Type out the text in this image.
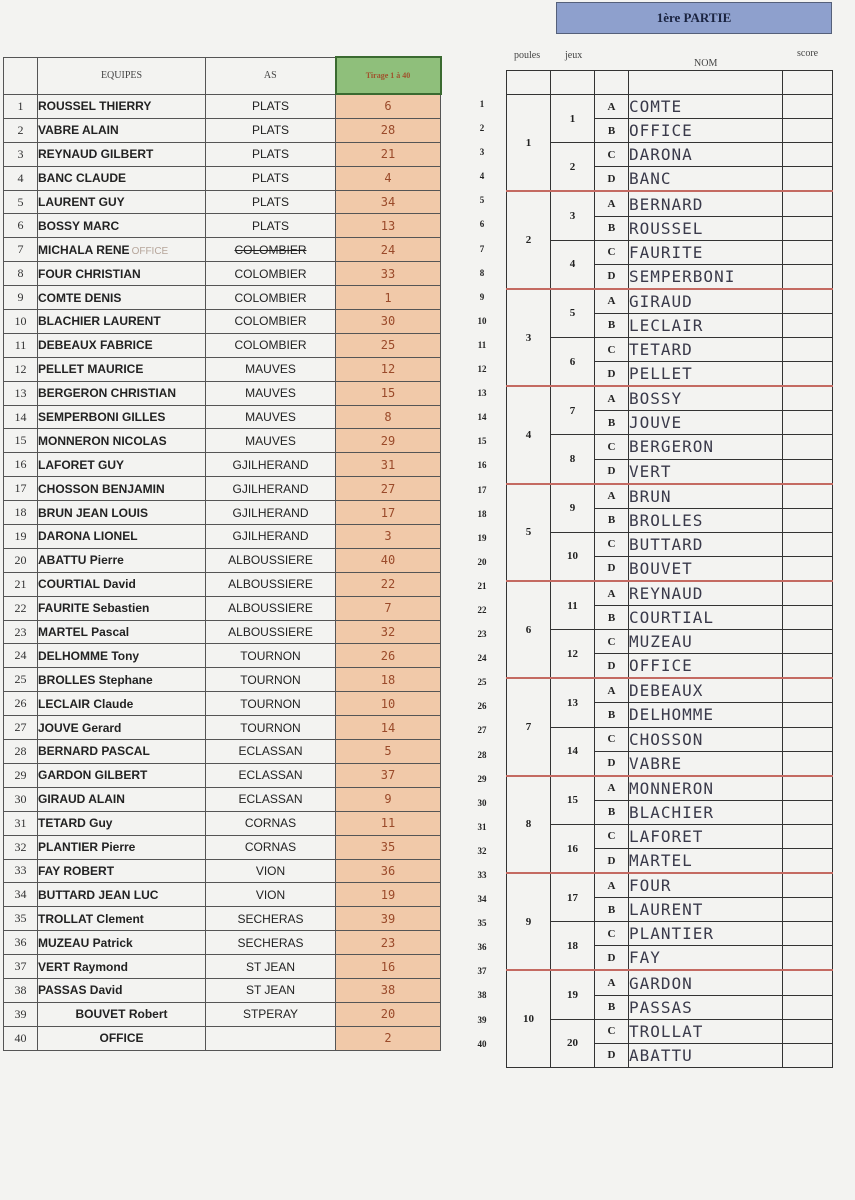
1ère PARTIE
	EQUIPES	AS	Tirage 1 à 40
1	ROUSSEL THIERRY	PLATS	6
2	VABRE ALAIN	PLATS	28
3	REYNAUD GILBERT	PLATS	21
4	BANC CLAUDE	PLATS	4
5	LAURENT GUY	PLATS	34
6	BOSSY MARC	PLATS	13
7	MICHALA RENE OFFICE	COLOMBIER	24
8	FOUR CHRISTIAN	COLOMBIER	33
9	COMTE DENIS	COLOMBIER	1
10	BLACHIER LAURENT	COLOMBIER	30
11	DEBEAUX FABRICE	COLOMBIER	25
12	PELLET MAURICE	MAUVES	12
13	BERGERON CHRISTIAN	MAUVES	15
14	SEMPERBONI GILLES	MAUVES	8
15	MONNERON NICOLAS	MAUVES	29
16	LAFORET GUY	GJILHERAND	31
17	CHOSSON BENJAMIN	GJILHERAND	27
18	BRUN JEAN LOUIS	GJILHERAND	17
19	DARONA LIONEL	GJILHERAND	3
20	ABATTU Pierre	ALBOUSSIERE	40
21	COURTIAL David	ALBOUSSIERE	22
22	FAURITE Sebastien	ALBOUSSIERE	7
23	MARTEL Pascal	ALBOUSSIERE	32
24	DELHOMME Tony	TOURNON	26
25	BROLLES Stephane	TOURNON	18
26	LECLAIR Claude	TOURNON	10
27	JOUVE Gerard	TOURNON	14
28	BERNARD PASCAL	ECLASSAN	5
29	GARDON GILBERT	ECLASSAN	37
30	GIRAUD ALAIN	ECLASSAN	9
31	TETARD Guy	CORNAS	11
32	PLANTIER Pierre	CORNAS	35
33	FAY ROBERT	VION	36
34	BUTTARD JEAN LUC	VION	19
35	TROLLAT Clement	SECHERAS	39
36	MUZEAU Patrick	SECHERAS	23
37	VERT Raymond	ST JEAN	16
38	PASSAS David	ST JEAN	38
39	BOUVET Robert	STPERAY	20
40	OFFICE		2
poules jeux
NOM
score
1
2
3
4
5
6
7
8
9
10
11
12
13
14
15
16
17
18
19
20
21
22
23
24
25
26
27
28
29
30
31
32
33
34
35
36
37
38
39
40

1	1	A	COMTE	
		B	OFFICE	
	2	C	DARONA	
		D	BANC	
2	3	A	BERNARD	
		B	ROUSSEL	
	4	C	FAURITE	
		D	SEMPERBONI	
3	5	A	GIRAUD	
		B	LECLAIR	
	6	C	TETARD	
		D	PELLET	
4	7	A	BOSSY	
		B	JOUVE	
	8	C	BERGERON	
		D	VERT	
5	9	A	BRUN	
		B	BROLLES	
	10	C	BUTTARD	
		D	BOUVET	
6	11	A	REYNAUD	
		B	COURTIAL	
	12	C	MUZEAU	
		D	OFFICE	
7	13	A	DEBEAUX	
		B	DELHOMME	
	14	C	CHOSSON	
		D	VABRE	
8	15	A	MONNERON	
		B	BLACHIER	
	16	C	LAFORET	
		D	MARTEL	
9	17	A	FOUR	
		B	LAURENT	
	18	C	PLANTIER	
		D	FAY	
10	19	A	GARDON	
		B	PASSAS	
	20	C	TROLLAT	
		D	ABATTU	
